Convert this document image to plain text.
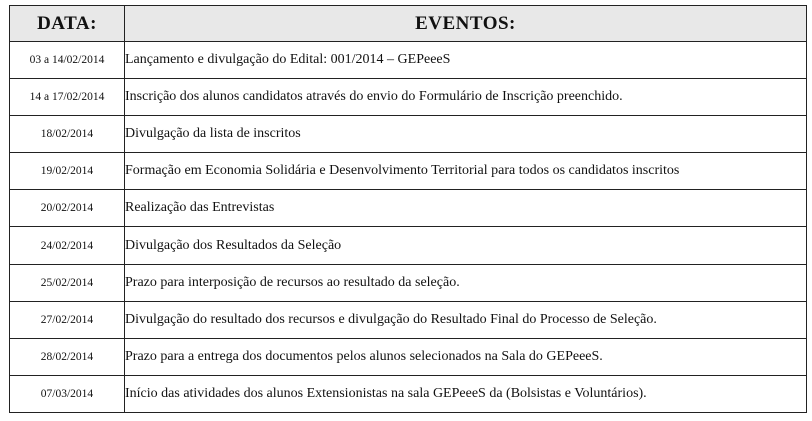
DATA:	EVENTOS:
03 a 14/02/2014	Lançamento e divulgação do Edital: 001/2014 – GEPeeeS
14 a 17/02/2014	Inscrição dos alunos candidatos através do envio do Formulário de Inscrição preenchido.
18/02/2014	Divulgação da lista de inscritos
19/02/2014	Formação em Economia Solidária e Desenvolvimento Territorial para todos os candidatos inscritos
20/02/2014	Realização das Entrevistas
24/02/2014	Divulgação dos Resultados da Seleção
25/02/2014	Prazo para interposição de recursos ao resultado da seleção.
27/02/2014	Divulgação do resultado dos recursos e divulgação do Resultado Final do Processo de Seleção.
28/02/2014	Prazo para a entrega dos documentos pelos alunos selecionados na Sala do GEPeeeS.
07/03/2014	Início das atividades dos alunos Extensionistas na sala GEPeeeS da (Bolsistas e Voluntários).
